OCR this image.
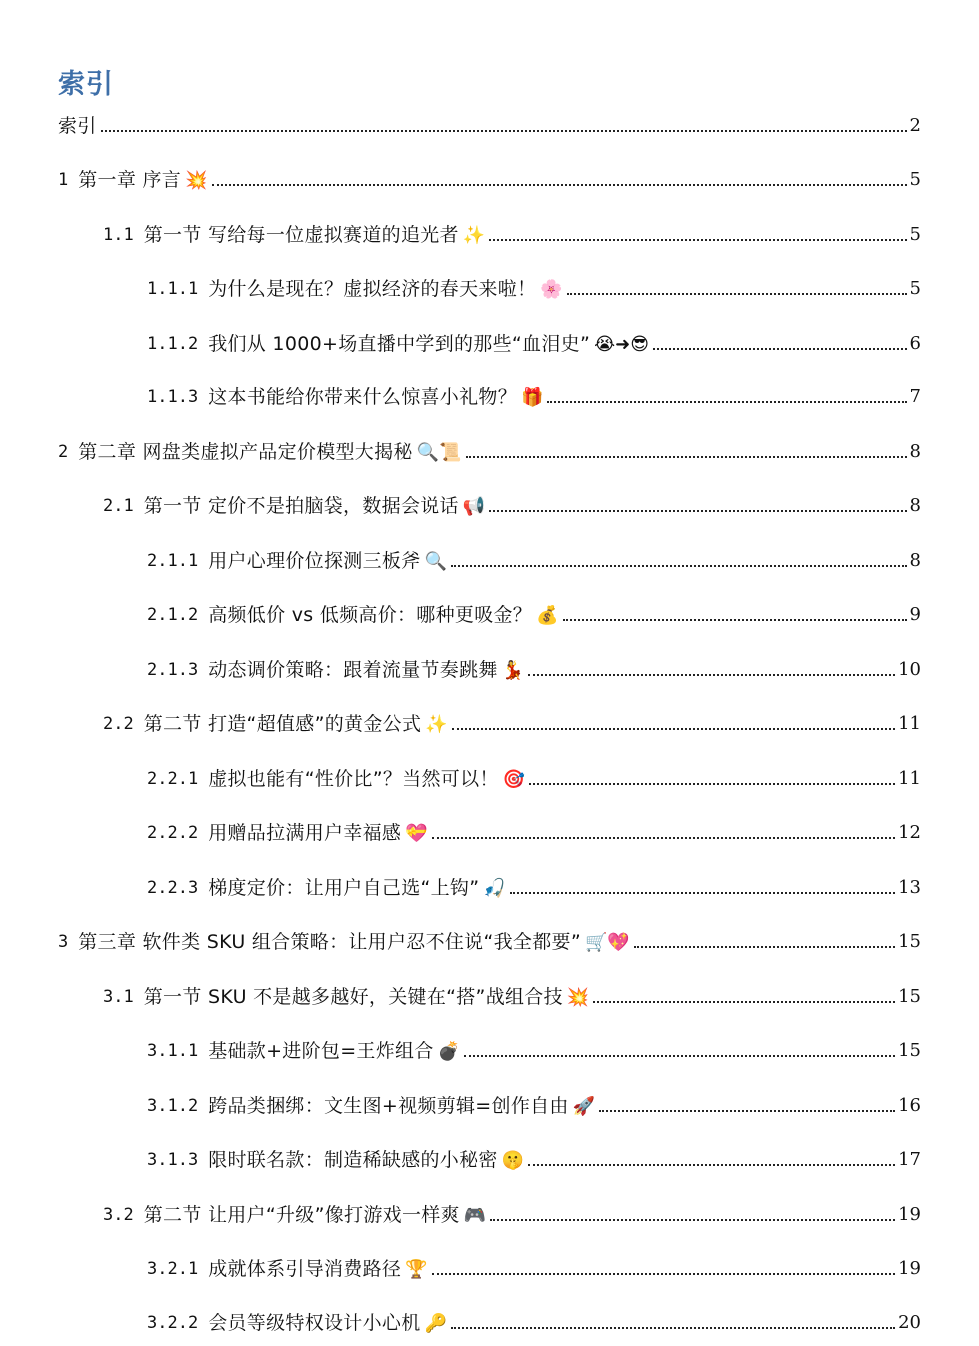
索引
索引	2
1 第一章 序言 💥	5
1.1 第一节 写给每一位虚拟赛道的追光者 ✨	5
1.1.1 为什么是现在？虚拟经济的春天来啦！ 🌸	5
1.1.2 我们从 1000+场直播中学到的那些“血泪史” 😭➜😎	6
1.1.3 这本书能给你带来什么惊喜小礼物？ 🎁	7
2 第二章 网盘类虚拟产品定价模型大揭秘 🔍📜	8
2.1 第一节 定价不是拍脑袋，数据会说话 📢	8
2.1.1 用户心理价位探测三板斧 🔍	8
2.1.2 高频低价 vs 低频高价：哪种更吸金？ 💰	9
2.1.3 动态调价策略：跟着流量节奏跳舞 💃	10
2.2 第二节 打造“超值感”的黄金公式 ✨	11
2.2.1 虚拟也能有“性价比”？当然可以！ 🎯	11
2.2.2 用赠品拉满用户幸福感 💝	12
2.2.3 梯度定价：让用户自己选“上钩” 🎣	13
3 第三章 软件类 SKU 组合策略：让用户忍不住说“我全都要” 🛒💖	15
3.1 第一节 SKU 不是越多越好，关键在“搭”战组合技 💥	15
3.1.1 基础款+进阶包=王炸组合 💣	15
3.1.2 跨品类捆绑：文生图+视频剪辑=创作自由 🚀	16
3.1.3 限时联名款：制造稀缺感的小秘密 🤫	17
3.2 第二节 让用户“升级”像打游戏一样爽 🎮	19
3.2.1 成就体系引导消费路径 🏆	19
3.2.2 会员等级特权设计小心机 🔑	20
